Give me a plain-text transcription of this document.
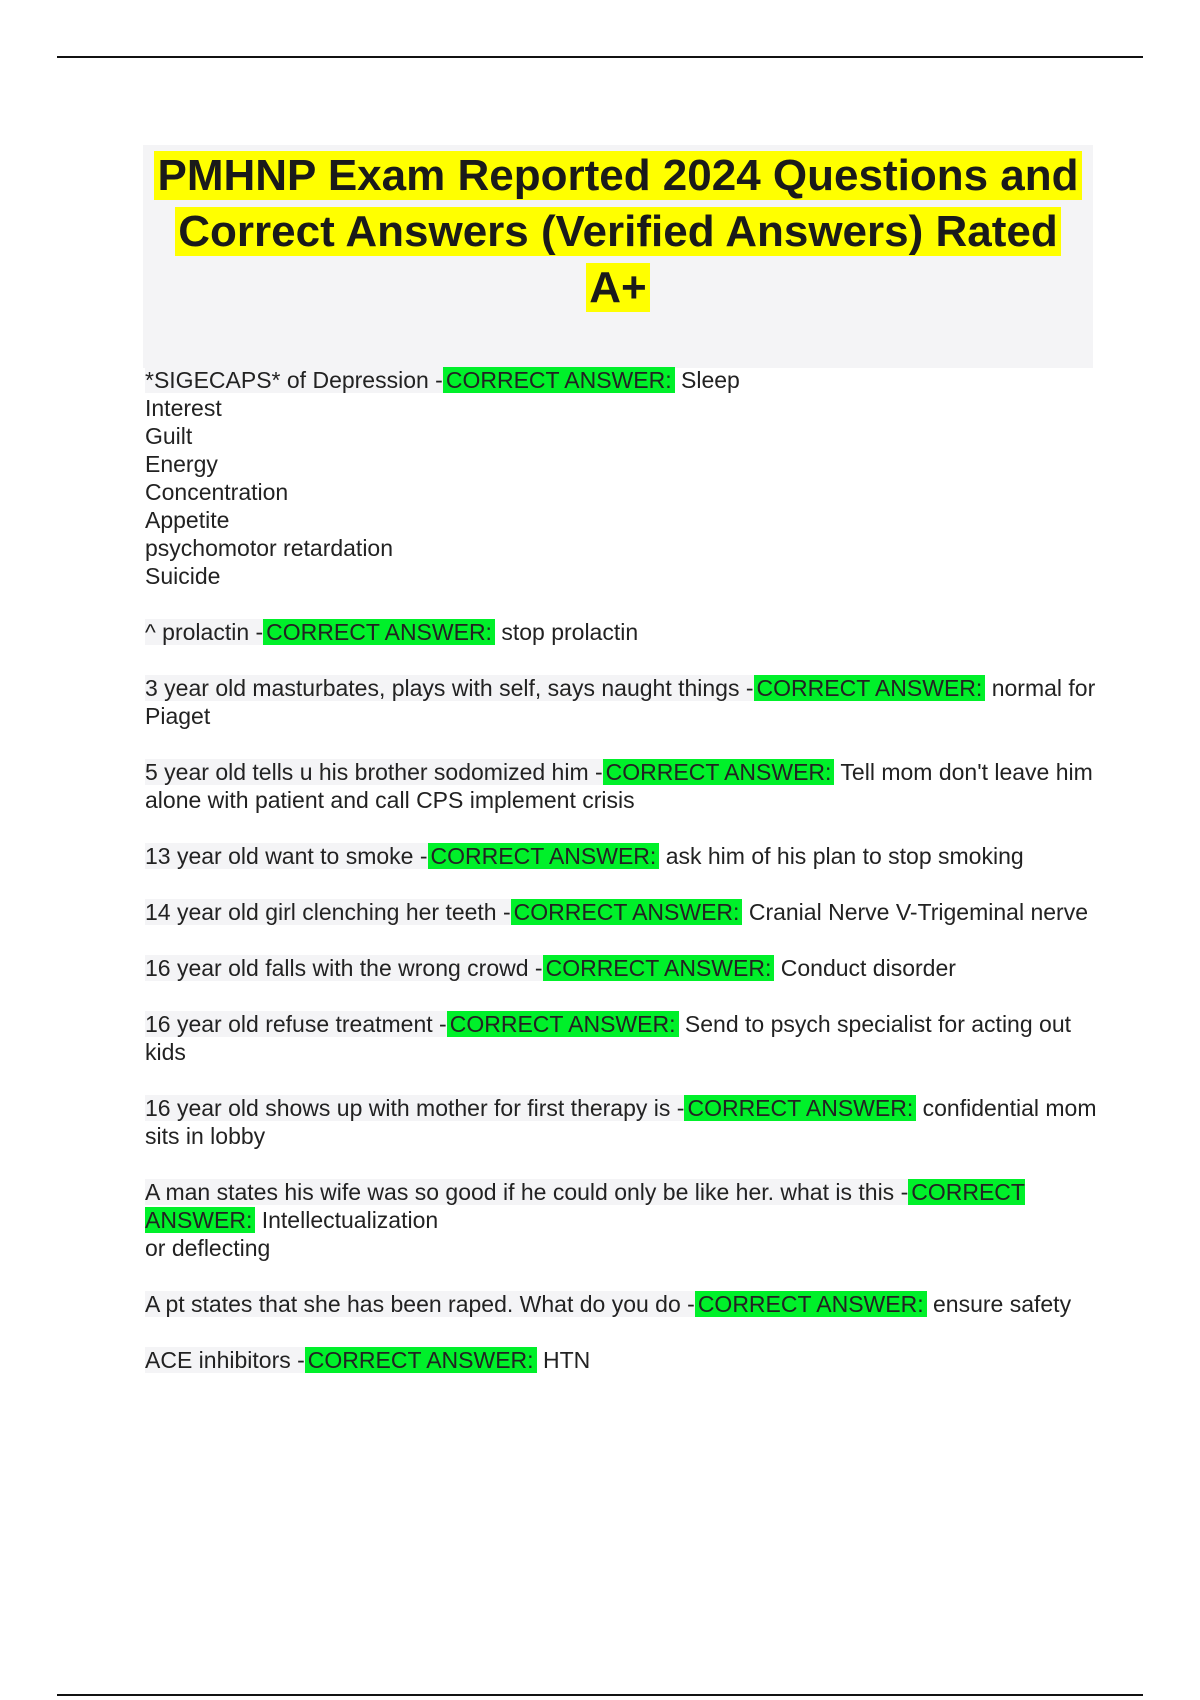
PMHNP Exam Reported 2024 Questions and Correct Answers (Verified Answers) Rated A+
*SIGECAPS* of Depression - CORRECT ANSWER: Sleep
Interest
Guilt
Energy
Concentration
Appetite
psychomotor retardation
Suicide
^ prolactin - CORRECT ANSWER: stop prolactin
3 year old masturbates, plays with self, says naught things - CORRECT ANSWER: normal for Piaget
5 year old tells u his brother sodomized him - CORRECT ANSWER: Tell mom don't leave him alone with patient and call CPS implement crisis
13 year old want to smoke - CORRECT ANSWER: ask him of his plan to stop smoking
14 year old girl clenching her teeth - CORRECT ANSWER: Cranial Nerve V-Trigeminal nerve
16 year old falls with the wrong crowd - CORRECT ANSWER: Conduct disorder
16 year old refuse treatment - CORRECT ANSWER: Send to psych specialist for acting out kids
16 year old shows up with mother for first therapy is - CORRECT ANSWER: confidential mom sits in lobby
A man states his wife was so good if he could only be like her. what is this - CORRECT ANSWER: Intellectualization
or deflecting
A pt states that she has been raped. What do you do - CORRECT ANSWER: ensure safety
ACE inhibitors - CORRECT ANSWER: HTN
